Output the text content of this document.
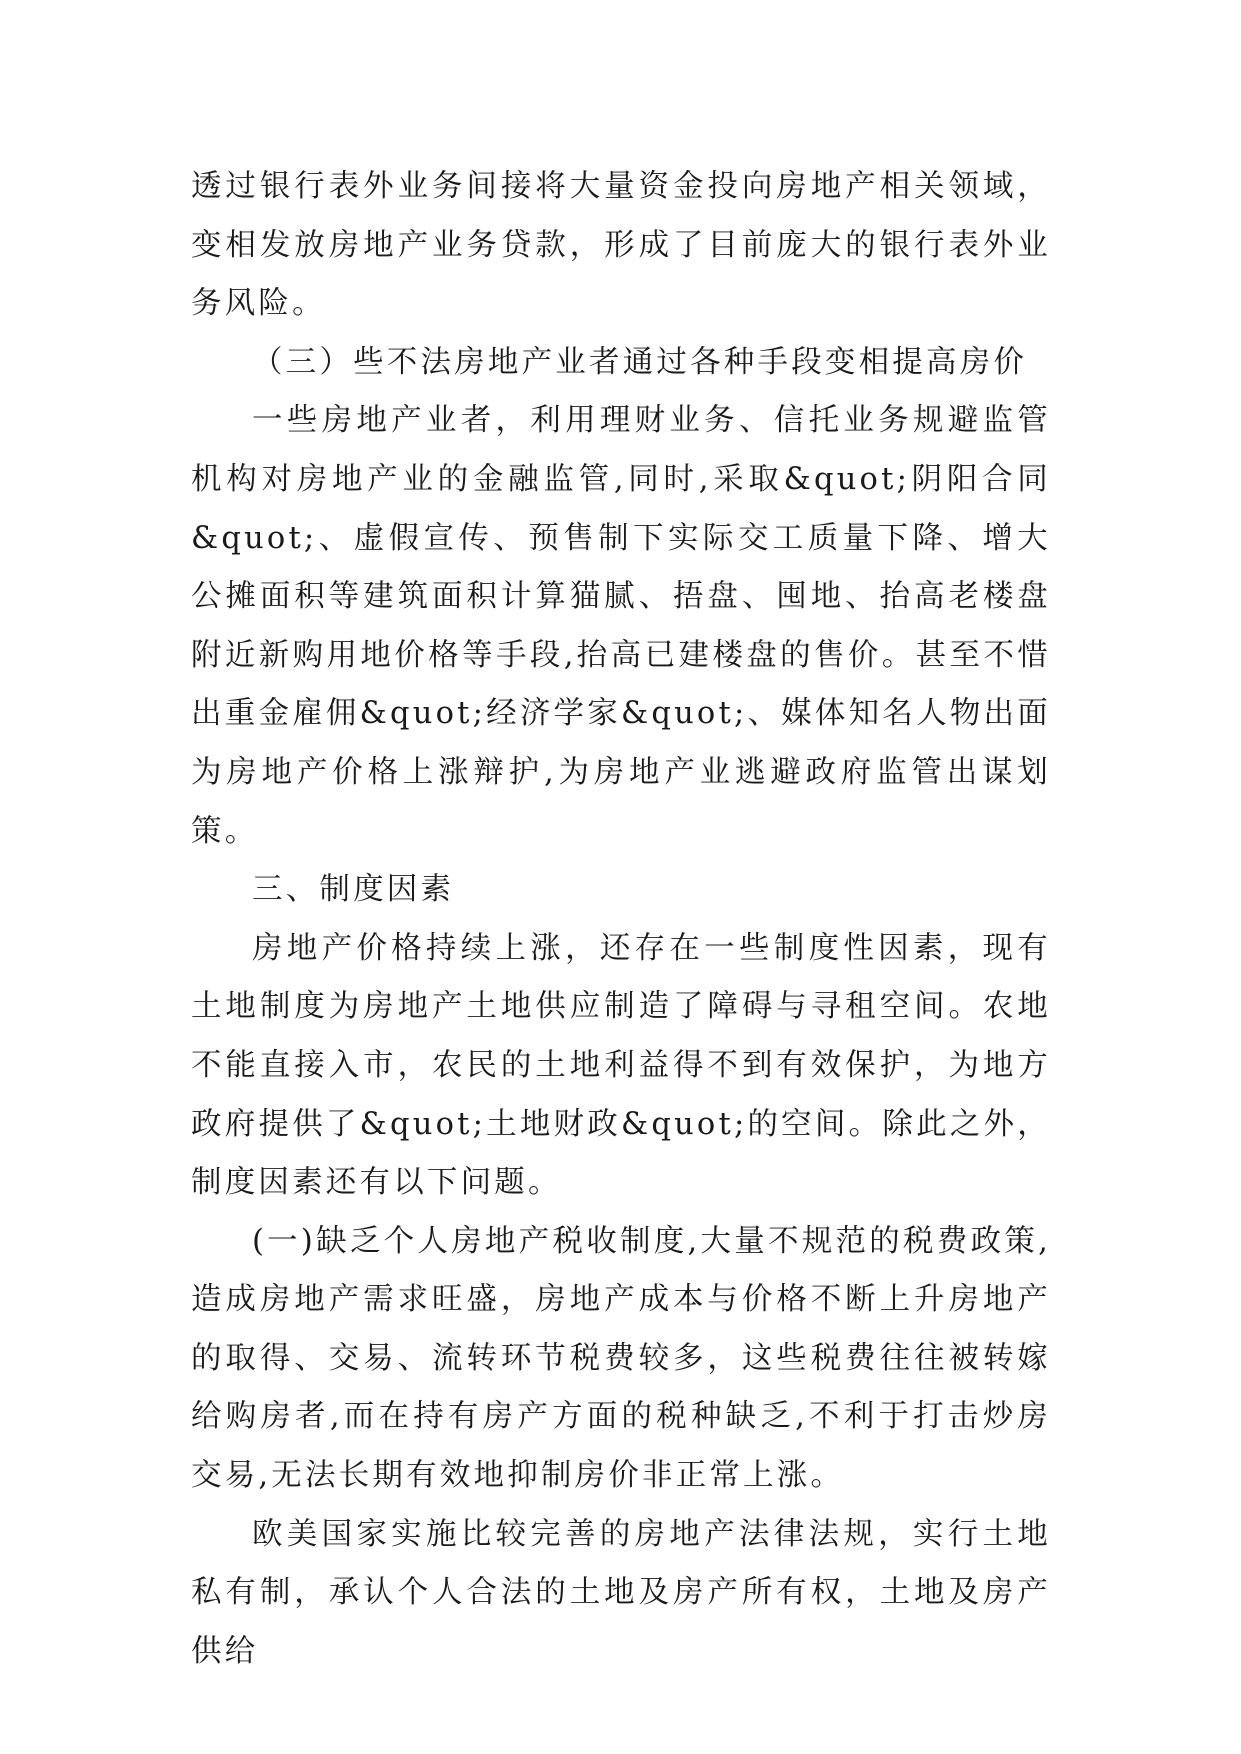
透过银行表外业务间接将大量资金投向房地产相关领域，变相发放房地产业务贷款，形成了目前庞大的银行表外业务风险。

（三）些不法房地产业者通过各种手段变相提高房价

一些房地产业者，利用理财业务、信托业务规避监管机构对房地产业的金融监管,同时,采取&quot;阴阳合同&quot;、虚假宣传、预售制下实际交工质量下降、增大公摊面积等建筑面积计算猫腻、捂盘、囤地、抬高老楼盘附近新购用地价格等手段,抬高已建楼盘的售价。甚至不惜出重金雇佣&quot;经济学家&quot;、媒体知名人物出面为房地产价格上涨辩护,为房地产业逃避政府监管出谋划策。

三、制度因素

房地产价格持续上涨，还存在一些制度性因素，现有土地制度为房地产土地供应制造了障碍与寻租空间。农地不能直接入市，农民的土地利益得不到有效保护，为地方政府提供了&quot;土地财政&quot;的空间。除此之外，制度因素还有以下问题。

(一)缺乏个人房地产税收制度,大量不规范的税费政策,造成房地产需求旺盛，房地产成本与价格不断上升房地产的取得、交易、流转环节税费较多，这些税费往往被转嫁给购房者,而在持有房产方面的税种缺乏,不利于打击炒房交易,无法长期有效地抑制房价非正常上涨。

欧美国家实施比较完善的房地产法律法规，实行土地私有制，承认个人合法的土地及房产所有权，土地及房产供给
